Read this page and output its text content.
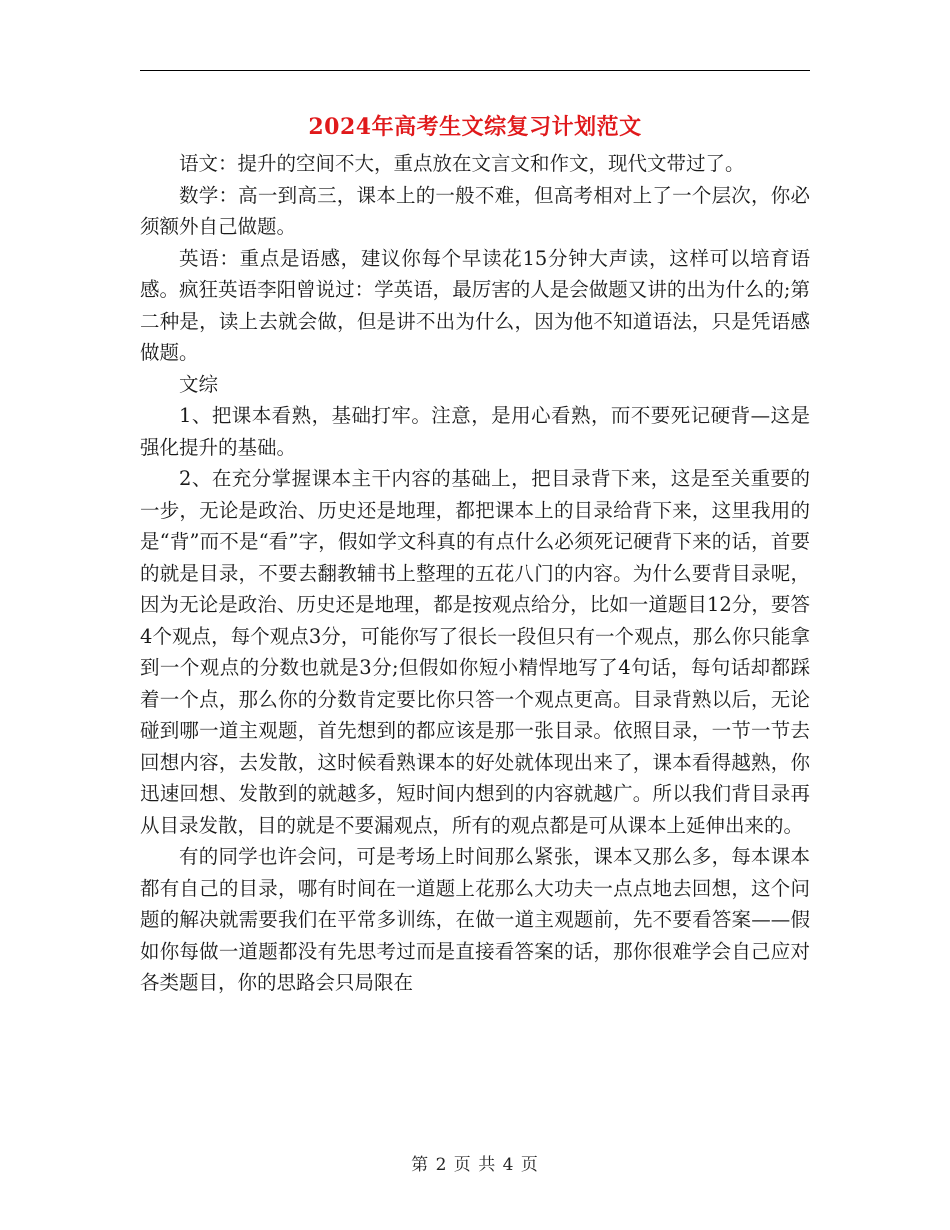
2024年高考生文综复习计划范文

语文：提升的空间不大，重点放在文言文和作文，现代文带过了。

数学：高一到高三，课本上的一般不难，但高考相对上了一个层次，你必须额外自己做题。

英语：重点是语感，建议你每个早读花15分钟大声读，这样可以培育语感。疯狂英语李阳曾说过：学英语，最厉害的人是会做题又讲的出为什么的;第二种是，读上去就会做，但是讲不出为什么，因为他不知道语法，只是凭语感做题。

文综

1、把课本看熟，基础打牢。注意，是用心看熟，而不要死记硬背—这是强化提升的基础。

2、在充分掌握课本主干内容的基础上，把目录背下来，这是至关重要的一步，无论是政治、历史还是地理，都把课本上的目录给背下来，这里我用的是“背”而不是“看”字，假如学文科真的有点什么必须死记硬背下来的话，首要的就是目录，不要去翻教辅书上整理的五花八门的内容。为什么要背目录呢，因为无论是政治、历史还是地理，都是按观点给分，比如一道题目12分，要答4个观点，每个观点3分，可能你写了很长一段但只有一个观点，那么你只能拿到一个观点的分数也就是3分;但假如你短小精悍地写了4句话，每句话却都踩着一个点，那么你的分数肯定要比你只答一个观点更高。目录背熟以后，无论碰到哪一道主观题，首先想到的都应该是那一张目录。依照目录，一节一节去回想内容，去发散，这时候看熟课本的好处就体现出来了，课本看得越熟，你迅速回想、发散到的就越多，短时间内想到的内容就越广。所以我们背目录再从目录发散，目的就是不要漏观点，所有的观点都是可从课本上延伸出来的。

有的同学也许会问，可是考场上时间那么紧张，课本又那么多，每本课本都有自己的目录，哪有时间在一道题上花那么大功夫一点点地去回想，这个问题的解决就需要我们在平常多训练，在做一道主观题前，先不要看答案——假如你每做一道题都没有先思考过而是直接看答案的话，那你很难学会自己应对各类题目，你的思路会只局限在

第 2 页 共 4 页
